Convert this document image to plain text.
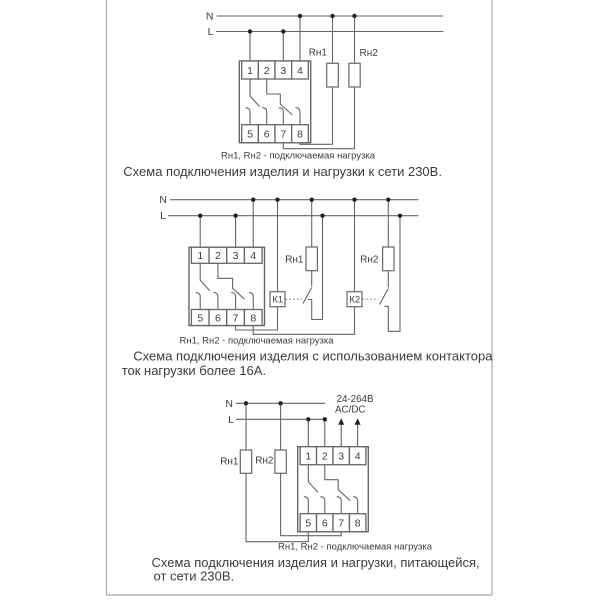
N
L
Rн1	Rн2
1
5
2
6
3
7
4
8
Rн1, Rн2 - подключаемая нагрузка
Схема подключения изделия и нагрузки к сети 230В.
N
L
Rн1	Rн2
К1	К2
1
5
2
6
3
7
4
8
Rн1, Rн2 - подключаемая нагрузка
Схема подключения изделия с использованием контактора
ток нагрузки более 16А.
N
L
24-264В
AC/DC
Rн1 Rн2	1
5
2
6
3
7
4
8
Rн1, Rн2 - подключаемая нагрузка
Схема подключения изделия и нагрузки, питающейся,
от сети 230В.
